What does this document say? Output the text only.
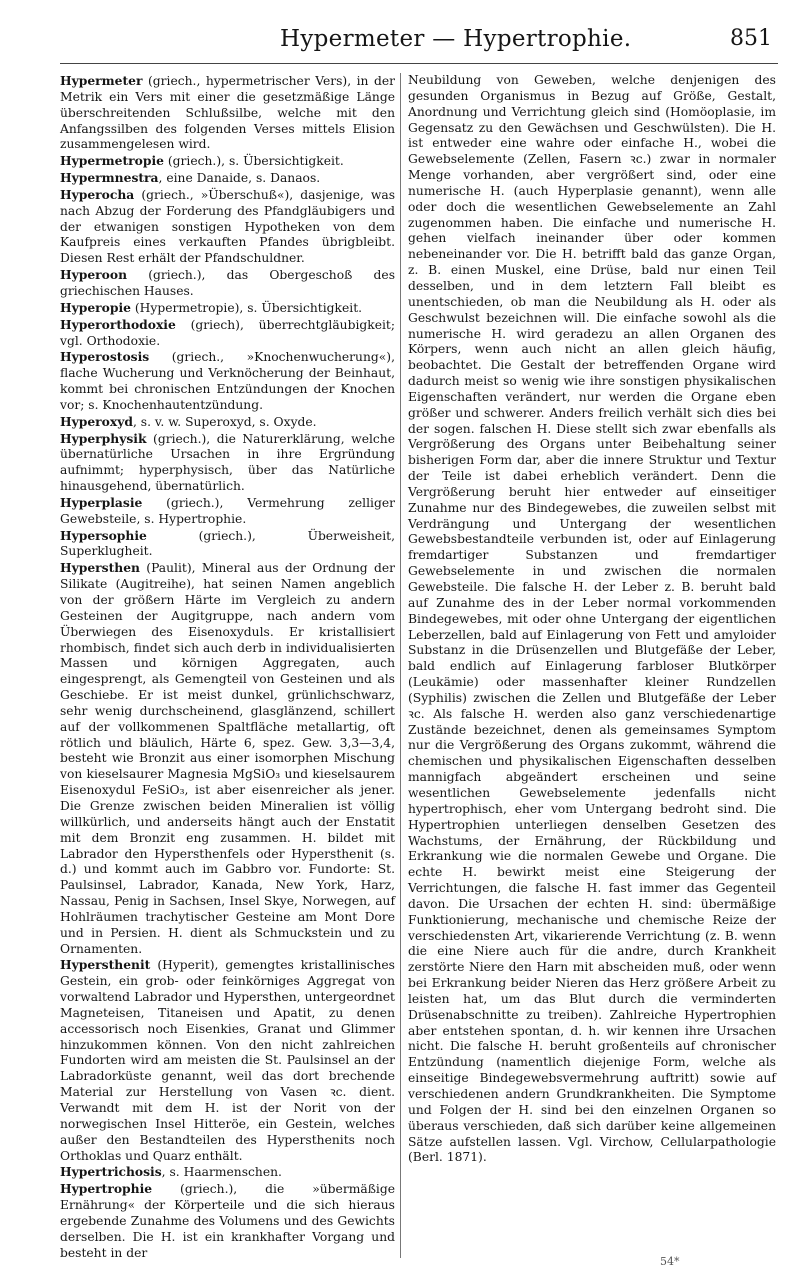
Hypermeter — Hypertrophie.	851

Hypermeter (griech., hypermetrischer Vers), in der Metrik ein Vers mit einer die gesetzmäßige Länge überschreitenden Schlußsilbe, welche mit den Anfangssilben des folgenden Verses mittels Elision zusammengelesen wird.

Hypermetropie (griech.), s. Übersichtigkeit.

Hypermnestra, eine Danaide, s. Danaos.

Hyperocha (griech., »Überschuß«), dasjenige, was nach Abzug der Forderung des Pfandgläubigers und der etwanigen sonstigen Hypotheken von dem Kaufpreis eines verkauften Pfandes übrigbleibt. Diesen Rest erhält der Pfandschuldner.

Hyperoon (griech.), das Obergeschoß des griechischen Hauses.

Hyperopie (Hypermetropie), s. Übersichtigkeit.

Hyperorthodoxie (griech), überrechtgläubigkeit; vgl. Orthodoxie.

Hyperostosis (griech., »Knochenwucherung«), flache Wucherung und Verknöcherung der Beinhaut, kommt bei chronischen Entzündungen der Knochen vor; s. Knochenhautentzündung.

Hyperoxyd, s. v. w. Superoxyd, s. Oxyde.

Hyperphysik (griech.), die Naturerklärung, welche übernatürliche Ursachen in ihre Ergründung aufnimmt; hyperphysisch, über das Natürliche hinausgehend, übernatürlich.

Hyperplasie (griech.), Vermehrung zelliger Gewebsteile, s. Hypertrophie.

Hypersophie (griech.), Überweisheit, Superklugheit.

Hypersthen (Paulit), Mineral aus der Ordnung der Silikate (Augitreihe), hat seinen Namen angeblich von der größern Härte im Vergleich zu andern Gesteinen der Augitgruppe, nach andern vom Überwiegen des Eisenoxyduls. Er kristallisiert rhombisch, findet sich auch derb in individualisierten Massen und körnigen Aggregaten, auch eingesprengt, als Gemengteil von Gesteinen und als Geschiebe. Er ist meist dunkel, grünlichschwarz, sehr wenig durchscheinend, glasglänzend, schillert auf der vollkommenen Spaltfläche metallartig, oft rötlich und bläulich, Härte 6, spez. Gew. 3,3—3,4, besteht wie Bronzit aus einer isomorphen Mischung von kieselsaurer Magnesia MgSiO₃ und kieselsaurem Eisenoxydul FeSiO₃, ist aber eisenreicher als jener. Die Grenze zwischen beiden Mineralien ist völlig willkürlich, und anderseits hängt auch der Enstatit mit dem Bronzit eng zusammen. H. bildet mit Labrador den Hypersthenfels oder Hypersthenit (s. d.) und kommt auch im Gabbro vor. Fundorte: St. Paulsinsel, Labrador, Kanada, New York, Harz, Nassau, Penig in Sachsen, Insel Skye, Norwegen, auf Hohlräumen trachytischer Gesteine am Mont Dore und in Persien. H. dient als Schmuckstein und zu Ornamenten.

Hypersthenit (Hyperit), gemengtes kristallinisches Gestein, ein grob- oder feinkörniges Aggregat von vorwaltend Labrador und Hypersthen, untergeordnet Magneteisen, Titaneisen und Apatit, zu denen accessorisch noch Eisenkies, Granat und Glimmer hinzukommen können. Von den nicht zahlreichen Fundorten wird am meisten die St. Paulsinsel an der Labradorküste genannt, weil das dort brechende Material zur Herstellung von Vasen ꝛc. dient. Verwandt mit dem H. ist der Norit von der norwegischen Insel Hitteröe, ein Gestein, welches außer den Bestandteilen des Hypersthenits noch Orthoklas und Quarz enthält.

Hypertrichosis, s. Haarmenschen.

Hypertrophie (griech.), die »übermäßige Ernährung« der Körperteile und die sich hieraus ergebende Zunahme des Volumens und des Gewichts derselben. Die H. ist ein krankhafter Vorgang und besteht in der

Neubildung von Geweben, welche denjenigen des gesunden Organismus in Bezug auf Größe, Gestalt, Anordnung und Verrichtung gleich sind (Homöoplasie, im Gegensatz zu den Gewächsen und Geschwülsten). Die H. ist entweder eine wahre oder einfache H., wobei die Gewebselemente (Zellen, Fasern ꝛc.) zwar in normaler Menge vorhanden, aber vergrößert sind, oder eine numerische H. (auch Hyperplasie genannt), wenn alle oder doch die wesentlichen Gewebselemente an Zahl zugenommen haben. Die einfache und numerische H. gehen vielfach ineinander über oder kommen nebeneinander vor. Die H. betrifft bald das ganze Organ, z. B. einen Muskel, eine Drüse, bald nur einen Teil desselben, und in dem letztern Fall bleibt es unentschieden, ob man die Neubildung als H. oder als Geschwulst bezeichnen will. Die einfache sowohl als die numerische H. wird geradezu an allen Organen des Körpers, wenn auch nicht an allen gleich häufig, beobachtet. Die Gestalt der betreffenden Organe wird dadurch meist so wenig wie ihre sonstigen physikalischen Eigenschaften verändert, nur werden die Organe eben größer und schwerer. Anders freilich verhält sich dies bei der sogen. falschen H. Diese stellt sich zwar ebenfalls als Vergrößerung des Organs unter Beibehaltung seiner bisherigen Form dar, aber die innere Struktur und Textur der Teile ist dabei erheblich verändert. Denn die Vergrößerung beruht hier entweder auf einseitiger Zunahme nur des Bindegewebes, die zuweilen selbst mit Verdrängung und Untergang der wesentlichen Gewebsbestandteile verbunden ist, oder auf Einlagerung fremdartiger Substanzen und fremdartiger Gewebselemente in und zwischen die normalen Gewebsteile. Die falsche H. der Leber z. B. beruht bald auf Zunahme des in der Leber normal vorkommenden Bindegewebes, mit oder ohne Untergang der eigentlichen Leberzellen, bald auf Einlagerung von Fett und amyloider Substanz in die Drüsenzellen und Blutgefäße der Leber, bald endlich auf Einlagerung farbloser Blutkörper (Leukämie) oder massenhafter kleiner Rundzellen (Syphilis) zwischen die Zellen und Blutgefäße der Leber ꝛc. Als falsche H. werden also ganz verschiedenartige Zustände bezeichnet, denen als gemeinsames Symptom nur die Vergrößerung des Organs zukommt, während die chemischen und physikalischen Eigenschaften desselben mannigfach abgeändert erscheinen und seine wesentlichen Gewebselemente jedenfalls nicht hypertrophisch, eher vom Untergang bedroht sind. Die Hypertrophien unterliegen denselben Gesetzen des Wachstums, der Ernährung, der Rückbildung und Erkrankung wie die normalen Gewebe und Organe. Die echte H. bewirkt meist eine Steigerung der Verrichtungen, die falsche H. fast immer das Gegenteil davon. Die Ursachen der echten H. sind: übermäßige Funktionierung, mechanische und chemische Reize der verschiedensten Art, vikarierende Verrichtung (z. B. wenn die eine Niere auch für die andre, durch Krankheit zerstörte Niere den Harn mit abscheiden muß, oder wenn bei Erkrankung beider Nieren das Herz größere Arbeit zu leisten hat, um das Blut durch die verminderten Drüsenabschnitte zu treiben). Zahlreiche Hypertrophien aber entstehen spontan, d. h. wir kennen ihre Ursachen nicht. Die falsche H. beruht großenteils auf chronischer Entzündung (namentlich diejenige Form, welche als einseitige Bindegewebsvermehrung auftritt) sowie auf verschiedenen andern Grundkrankheiten. Die Symptome und Folgen der H. sind bei den einzelnen Organen so überaus verschieden, daß sich darüber keine allgemeinen Sätze aufstellen lassen. Vgl. Virchow, Cellularpathologie (Berl. 1871).

54*
